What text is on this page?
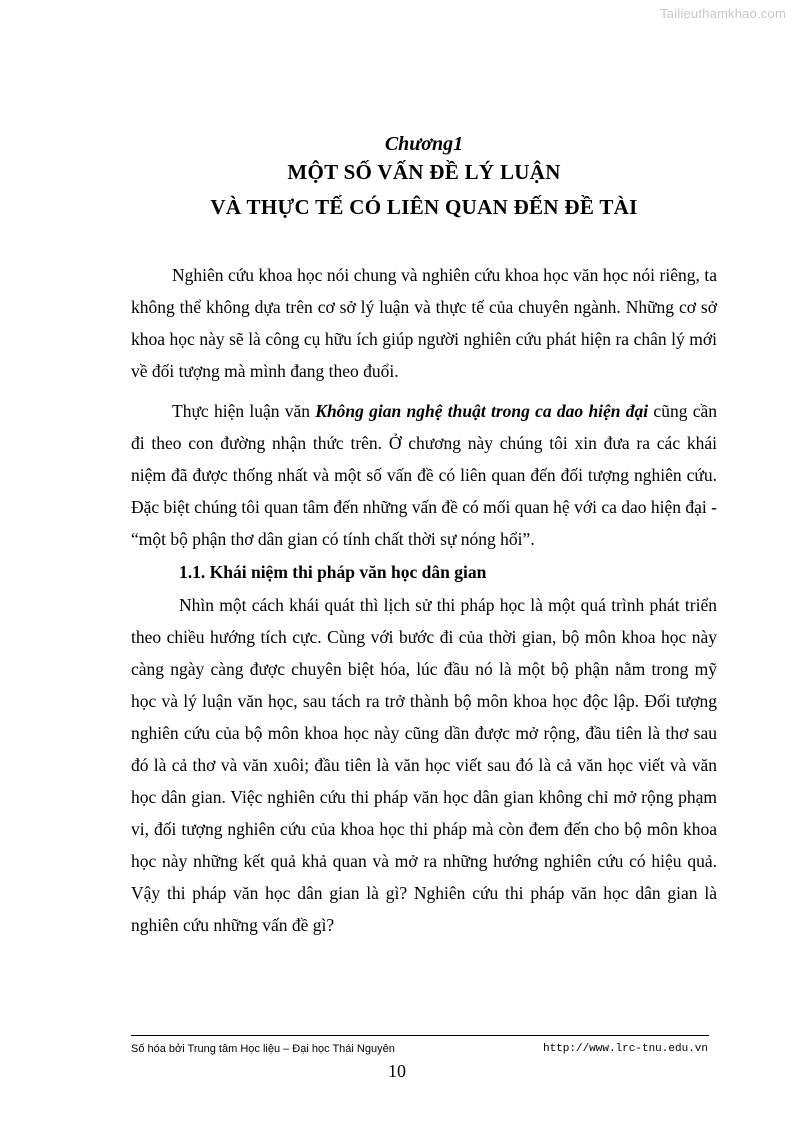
Tailieuthamkhao.com
Chương1
MỘT SỐ VẤN ĐỀ LÝ LUẬN
VÀ THỰC TẾ CÓ LIÊN QUAN ĐẾN ĐỀ TÀI

Nghiên cứu khoa học nói chung và nghiên cứu khoa học văn học nói riêng, ta không thể không dựa trên cơ sở lý luận và thực tế của chuyên ngành. Những cơ sở khoa học này sẽ là công cụ hữu ích giúp người nghiên cứu phát hiện ra chân lý mới về đối tượng mà mình đang theo đuổi.

Thực hiện luận văn Không gian nghệ thuật trong ca dao hiện đại cũng cần đi theo con đường nhận thức trên. Ở chương này chúng tôi xin đưa ra các khái niệm đã được thống nhất và một số vấn đề có liên quan đến đối tượng nghiên cứu. Đặc biệt chúng tôi quan tâm đến những vấn đề có mối quan hệ với ca dao hiện đại - “một bộ phận thơ dân gian có tính chất thời sự nóng hổi”.

1.1. Khái niệm thi pháp văn học dân gian

Nhìn một cách khái quát thì lịch sử thi pháp học là một quá trình phát triển theo chiều hướng tích cực. Cùng với bước đi của thời gian, bộ môn khoa học này càng ngày càng được chuyên biệt hóa, lúc đầu nó là một bộ phận nằm trong mỹ học và lý luận văn học, sau tách ra trở thành bộ môn khoa học độc lập. Đối tượng nghiên cứu của bộ môn khoa học này cũng dần được mở rộng, đầu tiên là thơ sau đó là cả thơ và văn xuôi; đầu tiên là văn học viết sau đó là cả văn học viết và văn học dân gian. Việc nghiên cứu thi pháp văn học dân gian không chỉ mở rộng phạm vi, đối tượng nghiên cứu của khoa học thi pháp mà còn đem đến cho bộ môn khoa học này những kết quả khả quan và mở ra những hướng nghiên cứu có hiệu quả. Vậy thi pháp văn học dân gian là gì? Nghiên cứu thi pháp văn học dân gian là nghiên cứu những vấn đề gì?

Số hóa bởi Trung tâm Học liệu – Đại học Thái Nguyên	http://www.lrc-tnu.edu.vn
10
